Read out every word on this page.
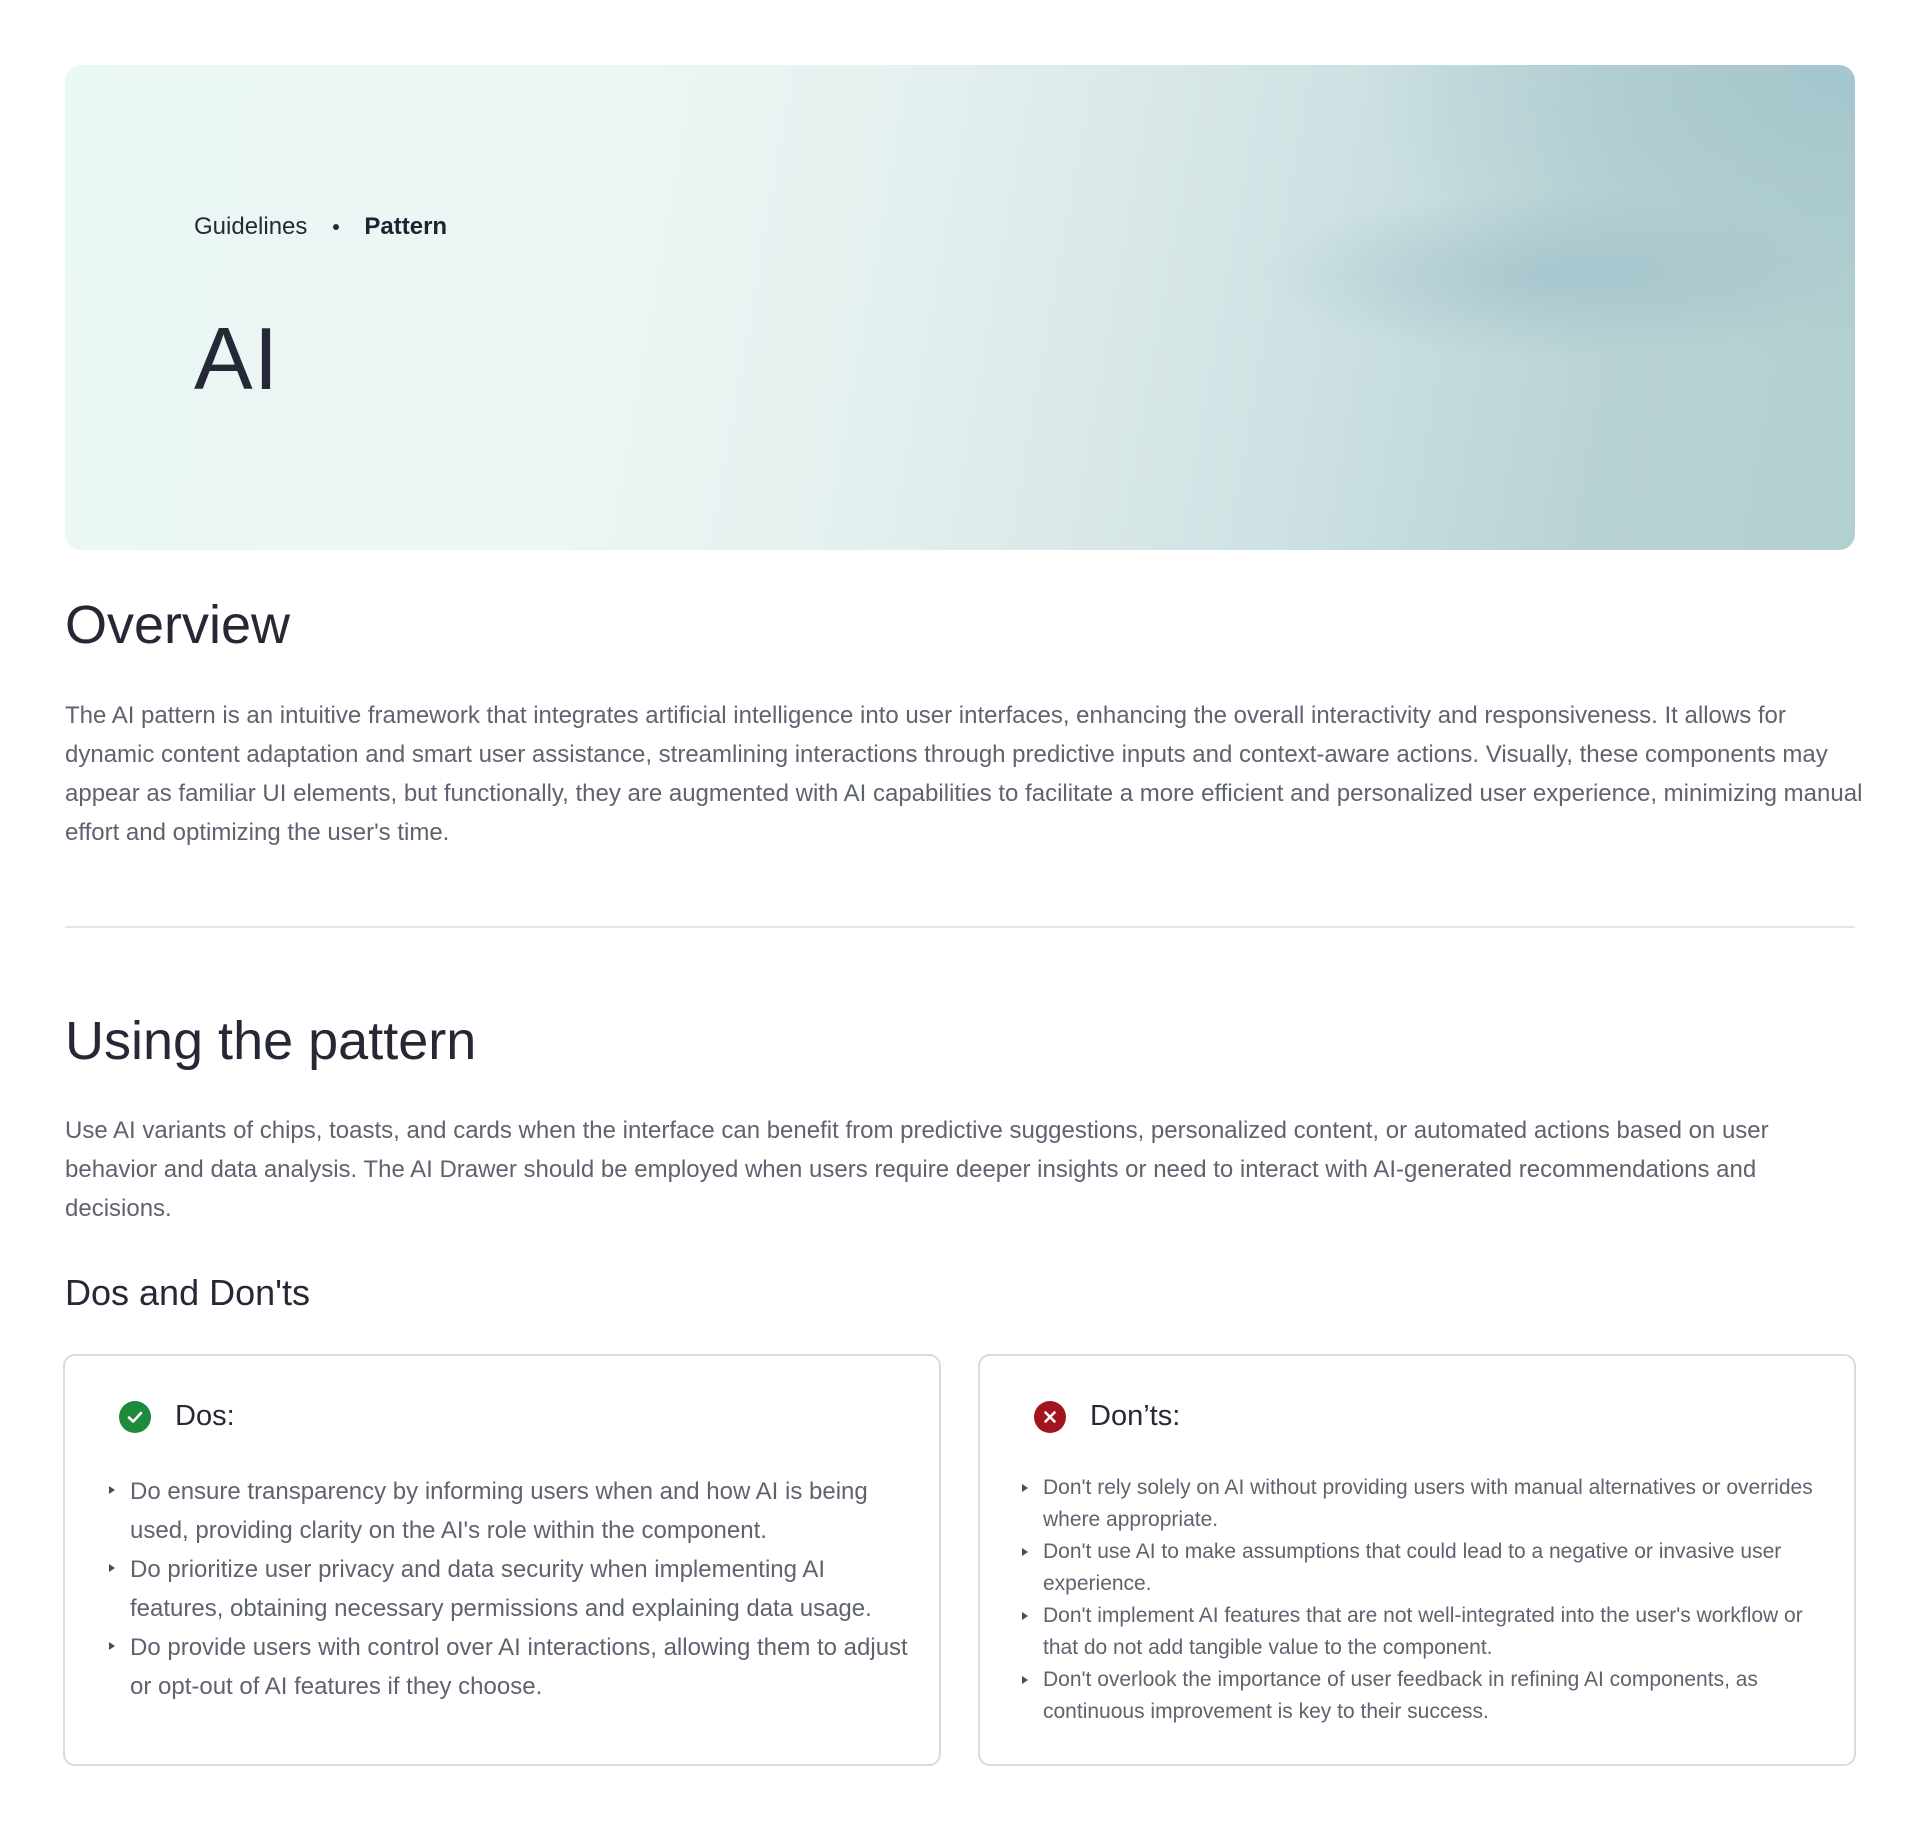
Guidelines Pattern
AI
Overview

The AI pattern is an intuitive framework that integrates artificial intelligence into user interfaces, enhancing the overall interactivity and responsiveness. It allows for dynamic content adaptation and smart user assistance, streamlining interactions through predictive inputs and context-aware actions. Visually, these components may appear as familiar UI elements, but functionally, they are augmented with AI capabilities to facilitate a more efficient and personalized user experience, minimizing manual effort and optimizing the user's time.

Using the pattern

Use AI variants of chips, toasts, and cards when the interface can benefit from predictive suggestions, personalized content, or automated actions based on user behavior and data analysis. The AI Drawer should be employed when users require deeper insights or need to interact with AI-generated recommendations and decisions.

Dos and Don'ts
Dos:
Do ensure transparency by informing users when and how AI is being used, providing clarity on the AI's role within the component.
Do prioritize user privacy and data security when implementing AI features, obtaining necessary permissions and explaining data usage.
Do provide users with control over AI interactions, allowing them to adjust or opt-out of AI features if they choose.
Don’ts:
Don't rely solely on AI without providing users with manual alternatives or overrides where appropriate.
Don't use AI to make assumptions that could lead to a negative or invasive user experience.
Don't implement AI features that are not well-integrated into the user's workflow or that do not add tangible value to the component.
Don't overlook the importance of user feedback in refining AI components, as continuous improvement is key to their success.
